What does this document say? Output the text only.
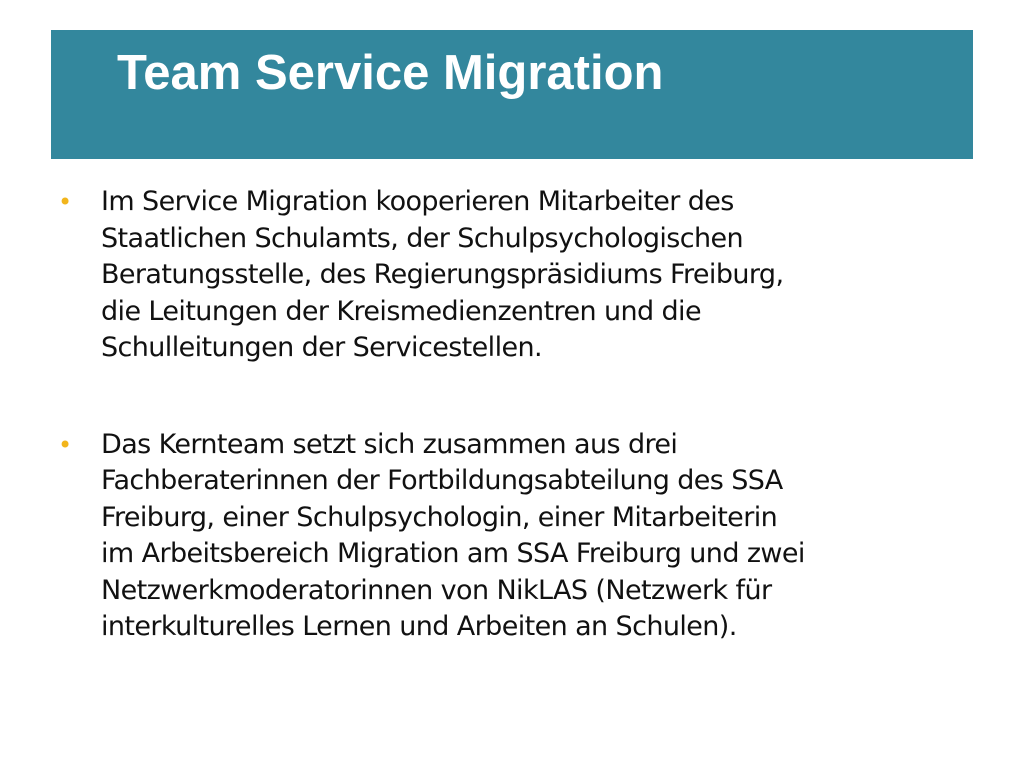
Team Service Migration
• Im Service Migration kooperieren Mitarbeiter des
Staatlichen Schulamts, der Schulpsychologischen
Beratungsstelle, des Regierungspräsidiums Freiburg,
die Leitungen der Kreismedienzentren und die
Schulleitungen der Servicestellen.
• Das Kernteam setzt sich zusammen aus drei
Fachberaterinnen der Fortbildungsabteilung des SSA
Freiburg, einer Schulpsychologin, einer Mitarbeiterin
im Arbeitsbereich Migration am SSA Freiburg und zwei
Netzwerkmoderatorinnen von NikLAS (Netzwerk für
interkulturelles Lernen und Arbeiten an Schulen).
